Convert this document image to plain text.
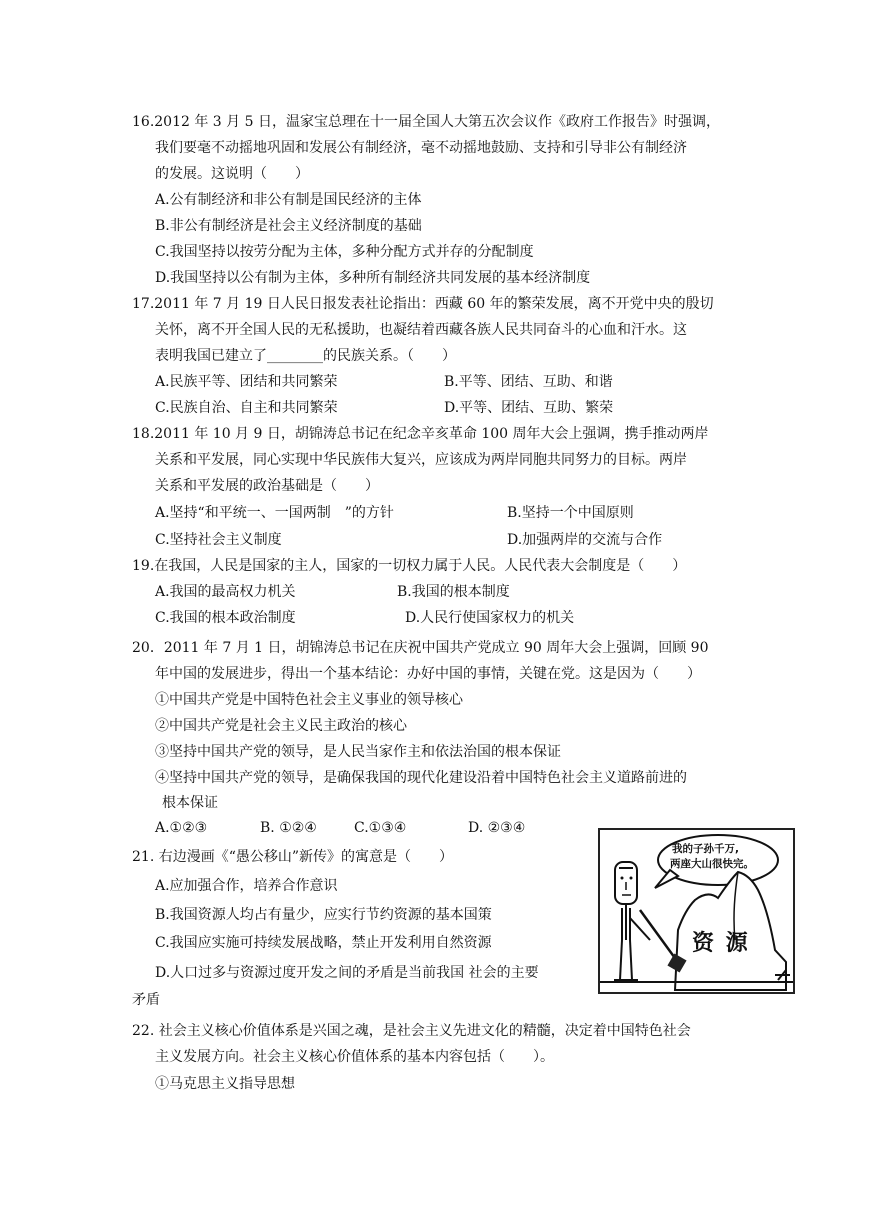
16.2012 年 3 月 5 日，温家宝总理在十一届全国人大第五次会议作《政府工作报告》时强调，
我们要毫不动摇地巩固和发展公有制经济，毫不动摇地鼓励、支持和引导非公有制经济
的发展。这说明（　　）
A.公有制经济和非公有制是国民经济的主体
B.非公有制经济是社会主义经济制度的基础
C.我国坚持以按劳分配为主体，多种分配方式并存的分配制度
D.我国坚持以公有制为主体，多种所有制经济共同发展的基本经济制度
17.2011 年 7 月 19 日人民日报发表社论指出：西藏 60 年的繁荣发展，离不开党中央的殷切
关怀，离不开全国人民的无私援助，也凝结着西藏各族人民共同奋斗的心血和汗水。这
表明我国已建立了________的民族关系。（　　）
A.民族平等、团结和共同繁荣	B.平等、团结、互助、和谐
C.民族自治、自主和共同繁荣	D.平等、团结、互助、繁荣
18.2011 年 10 月 9 日，胡锦涛总书记在纪念辛亥革命 100 周年大会上强调，携手推动两岸
关系和平发展，同心实现中华民族伟大复兴，应该成为两岸同胞共同努力的目标。两岸
关系和平发展的政治基础是（　　）
A.坚持“和平统一、一国两制　”的方针	B.坚持一个中国原则
C.坚持社会主义制度	D.加强两岸的交流与合作
19.在我国，人民是国家的主人，国家的一切权力属于人民。人民代表大会制度是（　　）
A.我国的最高权力机关	B.我国的根本制度
C.我国的根本政治制度	D.人民行使国家权力的机关
20．2011 年 7 月 1 日，胡锦涛总书记在庆祝中国共产党成立 90 周年大会上强调，回顾 90
年中国的发展进步，得出一个基本结论：办好中国的事情，关键在党。这是因为（　　）
①中国共产党是中国特色社会主义事业的领导核心
②中国共产党是社会主义民主政治的核心
③坚持中国共产党的领导，是人民当家作主和依法治国的根本保证
④坚持中国共产党的领导，是确保我国的现代化建设沿着中国特色社会主义道路前进的
根本保证
A.①②③	B. ①②④	C.①③④	D. ②③④
21. 右边漫画《“愚公移山”新传》的寓意是（　　）
A.应加强合作，培养合作意识
B.我国资源人均占有量少，应实行节约资源的基本国策
C.我国应实施可持续发展战略，禁止开发利用自然资源
D.人口过多与资源过度开发之间的矛盾是当前我国 社会的主要
矛盾
我的子孙千万,
两座大山很快完。
资 源
22. 社会主义核心价值体系是兴国之魂，是社会主义先进文化的精髓，决定着中国特色社会
主义发展方向。社会主义核心价值体系的基本内容包括（　　）。
①马克思主义指导思想
